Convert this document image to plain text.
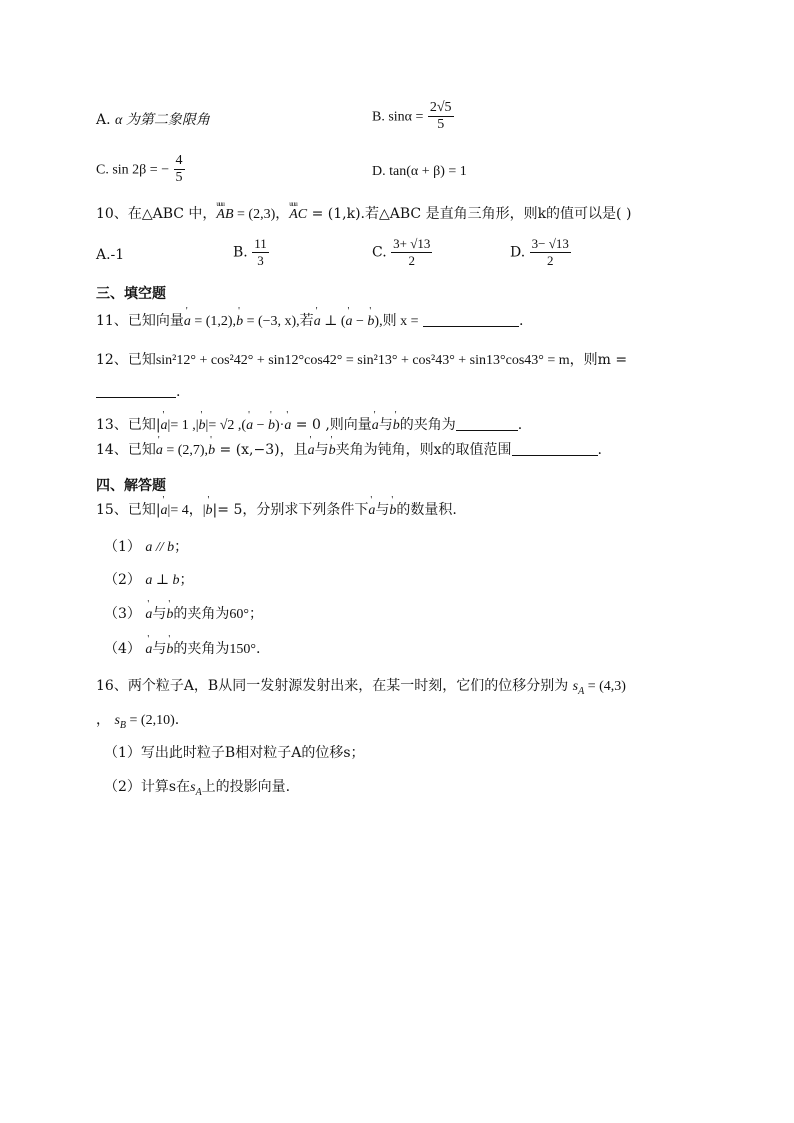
A. α 为第二象限角	B. $\sin\alpha = \frac{2√5}{5}$
C. sin 2β = − $\frac{4}{5}$	D. tan(α + β) = 1
10、在△ABC 中，uuu AB = (2,3)，uuu AC = (1,k).若△ABC 是直角三角形，则k的值可以是( )
A.-1	B. $\frac{11}{3}$	C. $\frac{3+ √13}{2}$	D. $\frac{3- √13}{2}$
三、填空题
11、已知向量' a = (1,2),' b = (−3, x),若' a ⊥ (' a − ' b),则 x =	.
12、已知sin²12° + cos²42° + sin12°cos42° = sin²13° + cos²43° + sin13°cos43° = m，则m =
.
13、已知|' a|= 1 ,|' b|= √2 ,(' a − ' b)·' a = 0 ,则向量' a与' b的夹角为	.
14、已知' a = (2,7),' b = (x,−3)，且' a与' b夹角为钝角，则x的取值范围	.
四、解答题
15、已知|' a|= 4，|' b|= 5，分别求下列条件下' a与' b的数量积.
（1） a // b；
（2） a ⊥ b；
（3） ' a与' b的夹角为60°；
（4） ' a与' b的夹角为150°.
16、两个粒子A，B从同一发射源发射出来，在某一时刻，它们的位移分别为 $s_A = (4,3)$
， $s_B = (2,10)$.
（1）写出此时粒子B相对粒子A的位移s；
（2）计算s在$s_A$上的投影向量.
